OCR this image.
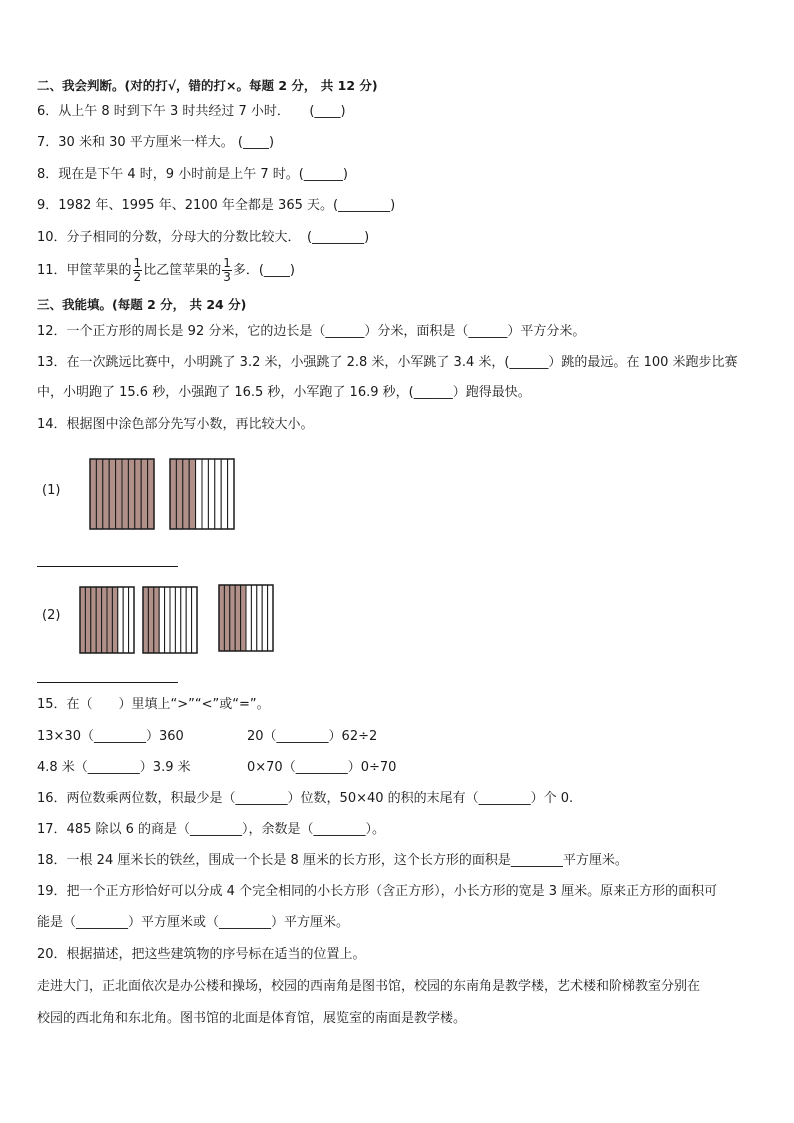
二、我会判断。(对的打√，错的打×。每题 2 分， 共 12 分)
6．从上午 8 时到下午 3 时共经过 7 小时．　　(____)
7．30 米和 30 平方厘米一样大。 (____)
8．现在是下午 4 时，9 小时前是上午 7 时。(______)
9．1982 年、1995 年、2100 年全都是 365 天。(________)
10．分子相同的分数，分母大的分数比较大．　(________)
11．甲筐苹果的 $\frac{1}{2}$ 比乙筐苹果的 $\frac{1}{3}$ 多．(____)
三、我能填。(每题 2 分， 共 24 分)
12．一个正方形的周长是 92 分米，它的边长是（______）分米，面积是（______）平方分米。
13．在一次跳远比赛中，小明跳了 3.2 米，小强跳了 2.8 米，小军跳了 3.4 米，(______）跳的最远。在 100 米跑步比赛
中，小明跑了 15.6 秒，小强跑了 16.5 秒，小军跑了 16.9 秒，(______）跑得最快。
14．根据图中涂色部分先写小数，再比较大小。
(1)
(2)
15．在（　　）里填上“>”“<”或“=”。
13×30（________）360	20（________）62÷2
4.8 米（________）3.9 米	0×70（________）0÷70
16．两位数乘两位数，积最少是（________）位数，50×40 的积的末尾有（________）个 0.
17．485 除以 6 的商是（________），余数是（________）。
18．一根 24 厘米长的铁丝，围成一个长是 8 厘米的长方形，这个长方形的面积是________平方厘米。
19．把一个正方形恰好可以分成 4 个完全相同的小长方形（含正方形），小长方形的宽是 3 厘米。原来正方形的面积可
能是（________）平方厘米或（________）平方厘米。
20．根据描述，把这些建筑物的序号标在适当的位置上。
走进大门，正北面依次是办公楼和操场，校园的西南角是图书馆，校园的东南角是教学楼，艺术楼和阶梯教室分别在
校园的西北角和东北角。图书馆的北面是体育馆，展览室的南面是教学楼。
